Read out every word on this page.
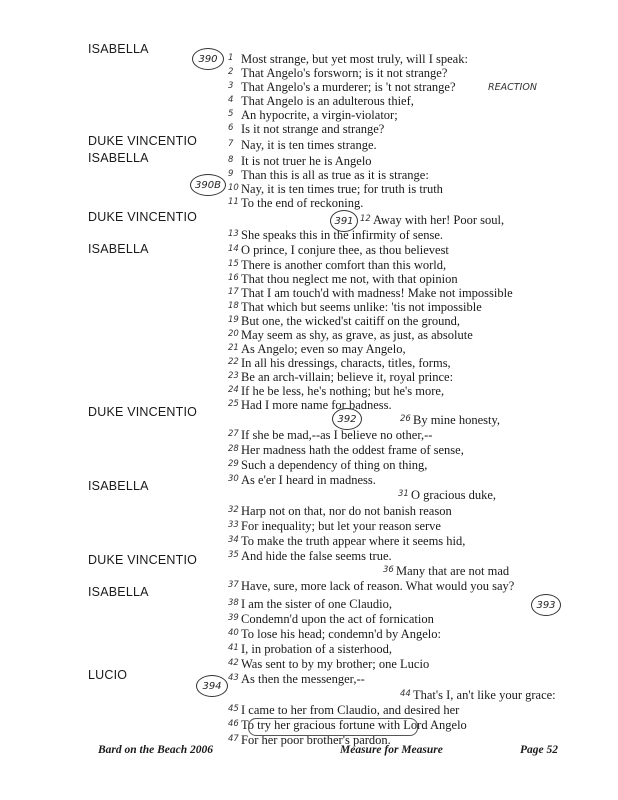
ISABELLA
DUKE VINCENTIO
ISABELLA
DUKE VINCENTIO
ISABELLA
DUKE VINCENTIO
ISABELLA
DUKE VINCENTIO
ISABELLA
LUCIO
1 Most strange, but yet most truly, will I speak:
2 That Angelo's forsworn; is it not strange?
3 That Angelo's a murderer; is 't not strange?
4 That Angelo is an adulterous thief,
5 An hypocrite, a virgin-violator;
6 Is it not strange and strange?
7 Nay, it is ten times strange.
8 It is not truer he is Angelo
9 Than this is all as true as it is strange:
10 Nay, it is ten times true; for truth is truth
11 To the end of reckoning.
12 Away with her! Poor soul,
13 She speaks this in the infirmity of sense.
14 O prince, I conjure thee, as thou believest
15 There is another comfort than this world,
16 That thou neglect me not, with that opinion
17 That I am touch'd with madness! Make not impossible
18 That which but seems unlike: 'tis not impossible
19 But one, the wicked'st caitiff on the ground,
20 May seem as shy, as grave, as just, as absolute
21 As Angelo; even so may Angelo,
22 In all his dressings, characts, titles, forms,
23 Be an arch-villain; believe it, royal prince:
24 If he be less, he's nothing; but he's more,
25 Had I more name for badness.
26 By mine honesty,
27 If she be mad,--as I believe no other,--
28 Her madness hath the oddest frame of sense,
29 Such a dependency of thing on thing,
30 As e'er I heard in madness.
31 O gracious duke,
32 Harp not on that, nor do not banish reason
33 For inequality; but let your reason serve
34 To make the truth appear where it seems hid,
35 And hide the false seems true.
36 Many that are not mad
37 Have, sure, more lack of reason. What would you say?
38 I am the sister of one Claudio,
39 Condemn'd upon the act of fornication
40 To lose his head; condemn'd by Angelo:
41 I, in probation of a sisterhood,
42 Was sent to by my brother; one Lucio
43 As then the messenger,--
44 That's I, an't like your grace:
45 I came to her from Claudio, and desired her
46 To try her gracious fortune with Lord Angelo
47 For her poor brother's pardon.
REACTION
390
390B
391
392
393
394
Bard on the Beach 2006	Measure for Measure	Page 52
